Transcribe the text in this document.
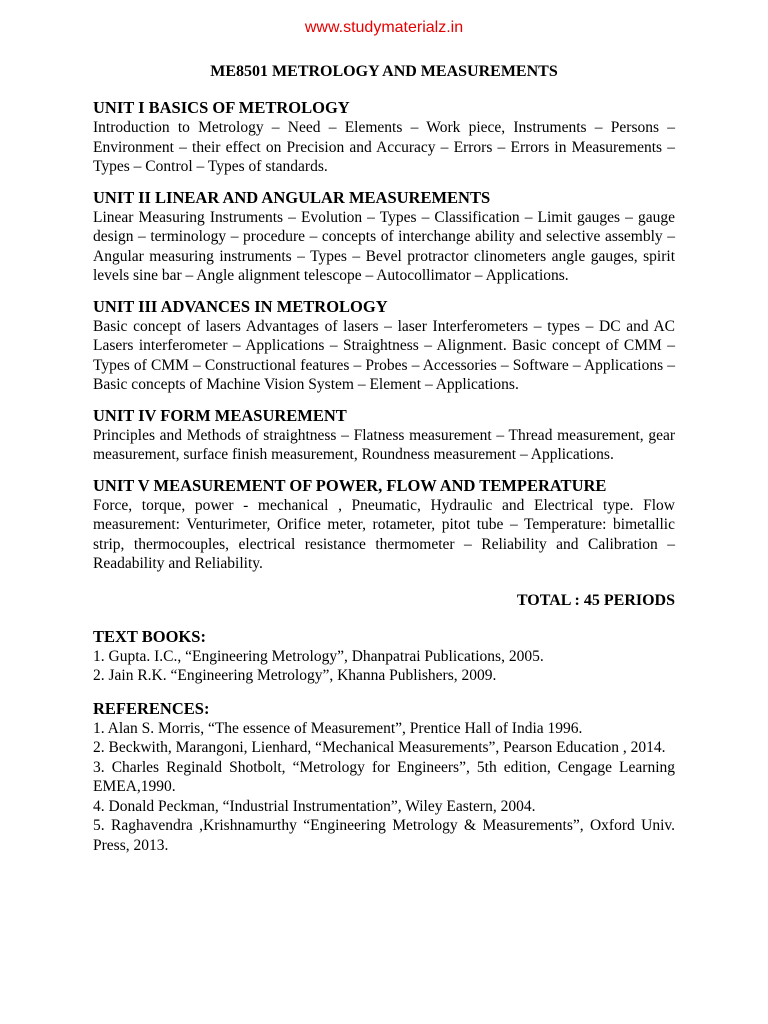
www.studymaterialz.in
ME8501 METROLOGY AND MEASUREMENTS

UNIT I BASICS OF METROLOGY

Introduction to Metrology – Need – Elements – Work piece, Instruments – Persons – Environment – their effect on Precision and Accuracy – Errors – Errors in Measurements – Types – Control – Types of standards.

UNIT II LINEAR AND ANGULAR MEASUREMENTS

Linear Measuring Instruments – Evolution – Types – Classification – Limit gauges – gauge design – terminology – procedure – concepts of interchange ability and selective assembly – Angular measuring instruments – Types – Bevel protractor clinometers angle gauges, spirit levels sine bar – Angle alignment telescope – Autocollimator – Applications.

UNIT III ADVANCES IN METROLOGY

Basic concept of lasers Advantages of lasers – laser Interferometers – types – DC and AC Lasers interferometer – Applications – Straightness – Alignment. Basic concept of CMM – Types of CMM – Constructional features – Probes – Accessories – Software – Applications – Basic concepts of Machine Vision System – Element – Applications.

UNIT IV FORM MEASUREMENT

Principles and Methods of straightness – Flatness measurement – Thread measurement, gear measurement, surface finish measurement, Roundness measurement – Applications.

UNIT V MEASUREMENT OF POWER, FLOW AND TEMPERATURE

Force, torque, power - mechanical , Pneumatic, Hydraulic and Electrical type. Flow measurement: Venturimeter, Orifice meter, rotameter, pitot tube – Temperature: bimetallic strip, thermocouples, electrical resistance thermometer – Reliability and Calibration – Readability and Reliability.

TOTAL : 45 PERIODS

TEXT BOOKS:

1. Gupta. I.C., “Engineering Metrology”, Dhanpatrai Publications, 2005.

2. Jain R.K. “Engineering Metrology”, Khanna Publishers, 2009.

REFERENCES:

1. Alan S. Morris, “The essence of Measurement”, Prentice Hall of India 1996.

2. Beckwith, Marangoni, Lienhard, “Mechanical Measurements”, Pearson Education , 2014.

3. Charles Reginald Shotbolt, “Metrology for Engineers”, 5th edition, Cengage Learning EMEA,1990.

4. Donald Peckman, “Industrial Instrumentation”, Wiley Eastern, 2004.

5. Raghavendra ,Krishnamurthy “Engineering Metrology & Measurements”, Oxford Univ. Press, 2013.
